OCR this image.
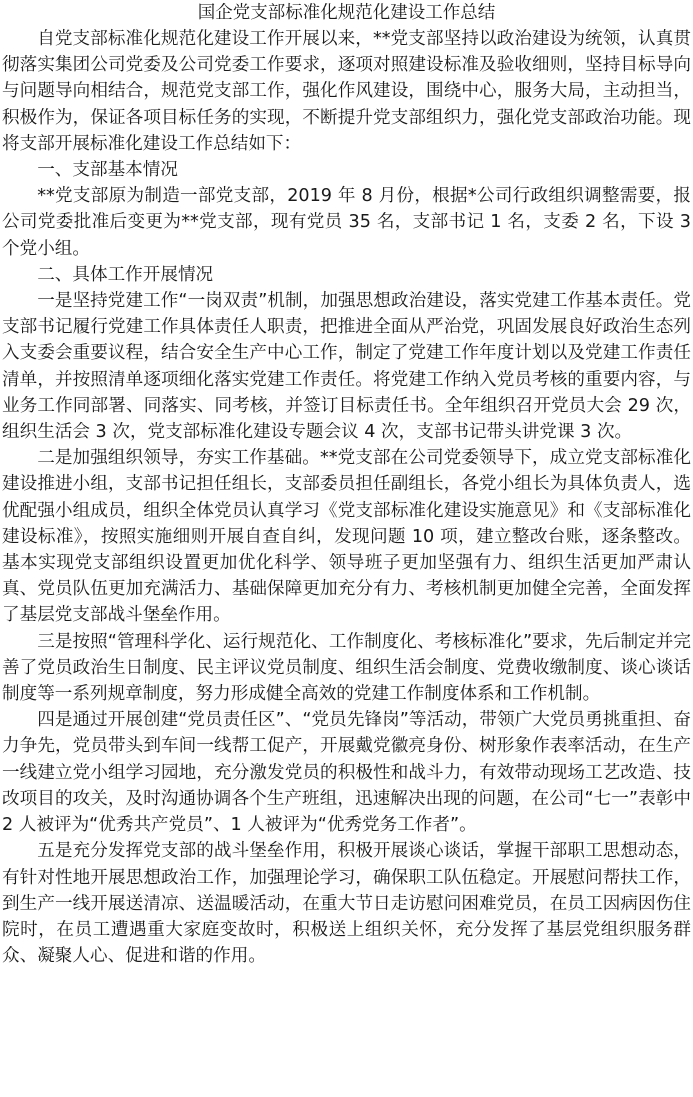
国企党支部标准化规范化建设工作总结

自党支部标准化规范化建设工作开展以来，**党支部坚持以政治建设为统领，认真贯彻落实集团公司党委及公司党委工作要求，逐项对照建设标准及验收细则，坚持目标导向与问题导向相结合，规范党支部工作，强化作风建设，围绕中心，服务大局，主动担当，积极作为，保证各项目标任务的实现，不断提升党支部组织力，强化党支部政治功能。现将支部开展标准化建设工作总结如下：

一、支部基本情况

**党支部原为制造一部党支部，2019 年 8 月份，根据*公司行政组织调整需要，报公司党委批准后变更为**党支部，现有党员 35 名，支部书记 1 名，支委 2 名，下设 3 个党小组。

二、具体工作开展情况

一是坚持党建工作“一岗双责”机制，加强思想政治建设，落实党建工作基本责任。党支部书记履行党建工作具体责任人职责，把推进全面从严治党，巩固发展良好政治生态列入支委会重要议程，结合安全生产中心工作，制定了党建工作年度计划以及党建工作责任清单，并按照清单逐项细化落实党建工作责任。将党建工作纳入党员考核的重要内容，与业务工作同部署、同落实、同考核，并签订目标责任书。全年组织召开党员大会 29 次，组织生活会 3 次，党支部标准化建设专题会议 4 次，支部书记带头讲党课 3 次。

二是加强组织领导，夯实工作基础。**党支部在公司党委领导下，成立党支部标准化建设推进小组，支部书记担任组长，支部委员担任副组长，各党小组长为具体负责人，选优配强小组成员，组织全体党员认真学习《党支部标准化建设实施意见》和《支部标准化建设标准》，按照实施细则开展自查自纠，发现问题 10 项，建立整改台账，逐条整改。基本实现党支部组织设置更加优化科学、领导班子更加坚强有力、组织生活更加严肃认真、党员队伍更加充满活力、基础保障更加充分有力、考核机制更加健全完善，全面发挥了基层党支部战斗堡垒作用。

三是按照“管理科学化、运行规范化、工作制度化、考核标准化”要求，先后制定并完善了党员政治生日制度、民主评议党员制度、组织生活会制度、党费收缴制度、谈心谈话制度等一系列规章制度，努力形成健全高效的党建工作制度体系和工作机制。

四是通过开展创建“党员责任区”、“党员先锋岗”等活动，带领广大党员勇挑重担、奋力争先，党员带头到车间一线帮工促产，开展戴党徽亮身份、树形象作表率活动，在生产一线建立党小组学习园地，充分激发党员的积极性和战斗力，有效带动现场工艺改造、技改项目的攻关，及时沟通协调各个生产班组，迅速解决出现的问题，在公司“七一”表彰中 2 人被评为“优秀共产党员”、1 人被评为“优秀党务工作者”。

五是充分发挥党支部的战斗堡垒作用，积极开展谈心谈话，掌握干部职工思想动态，有针对性地开展思想政治工作，加强理论学习，确保职工队伍稳定。开展慰问帮扶工作，到生产一线开展送清凉、送温暖活动，在重大节日走访慰问困难党员，在员工因病因伤住院时，在员工遭遇重大家庭变故时，积极送上组织关怀，充分发挥了基层党组织服务群众、凝聚人心、促进和谐的作用。
